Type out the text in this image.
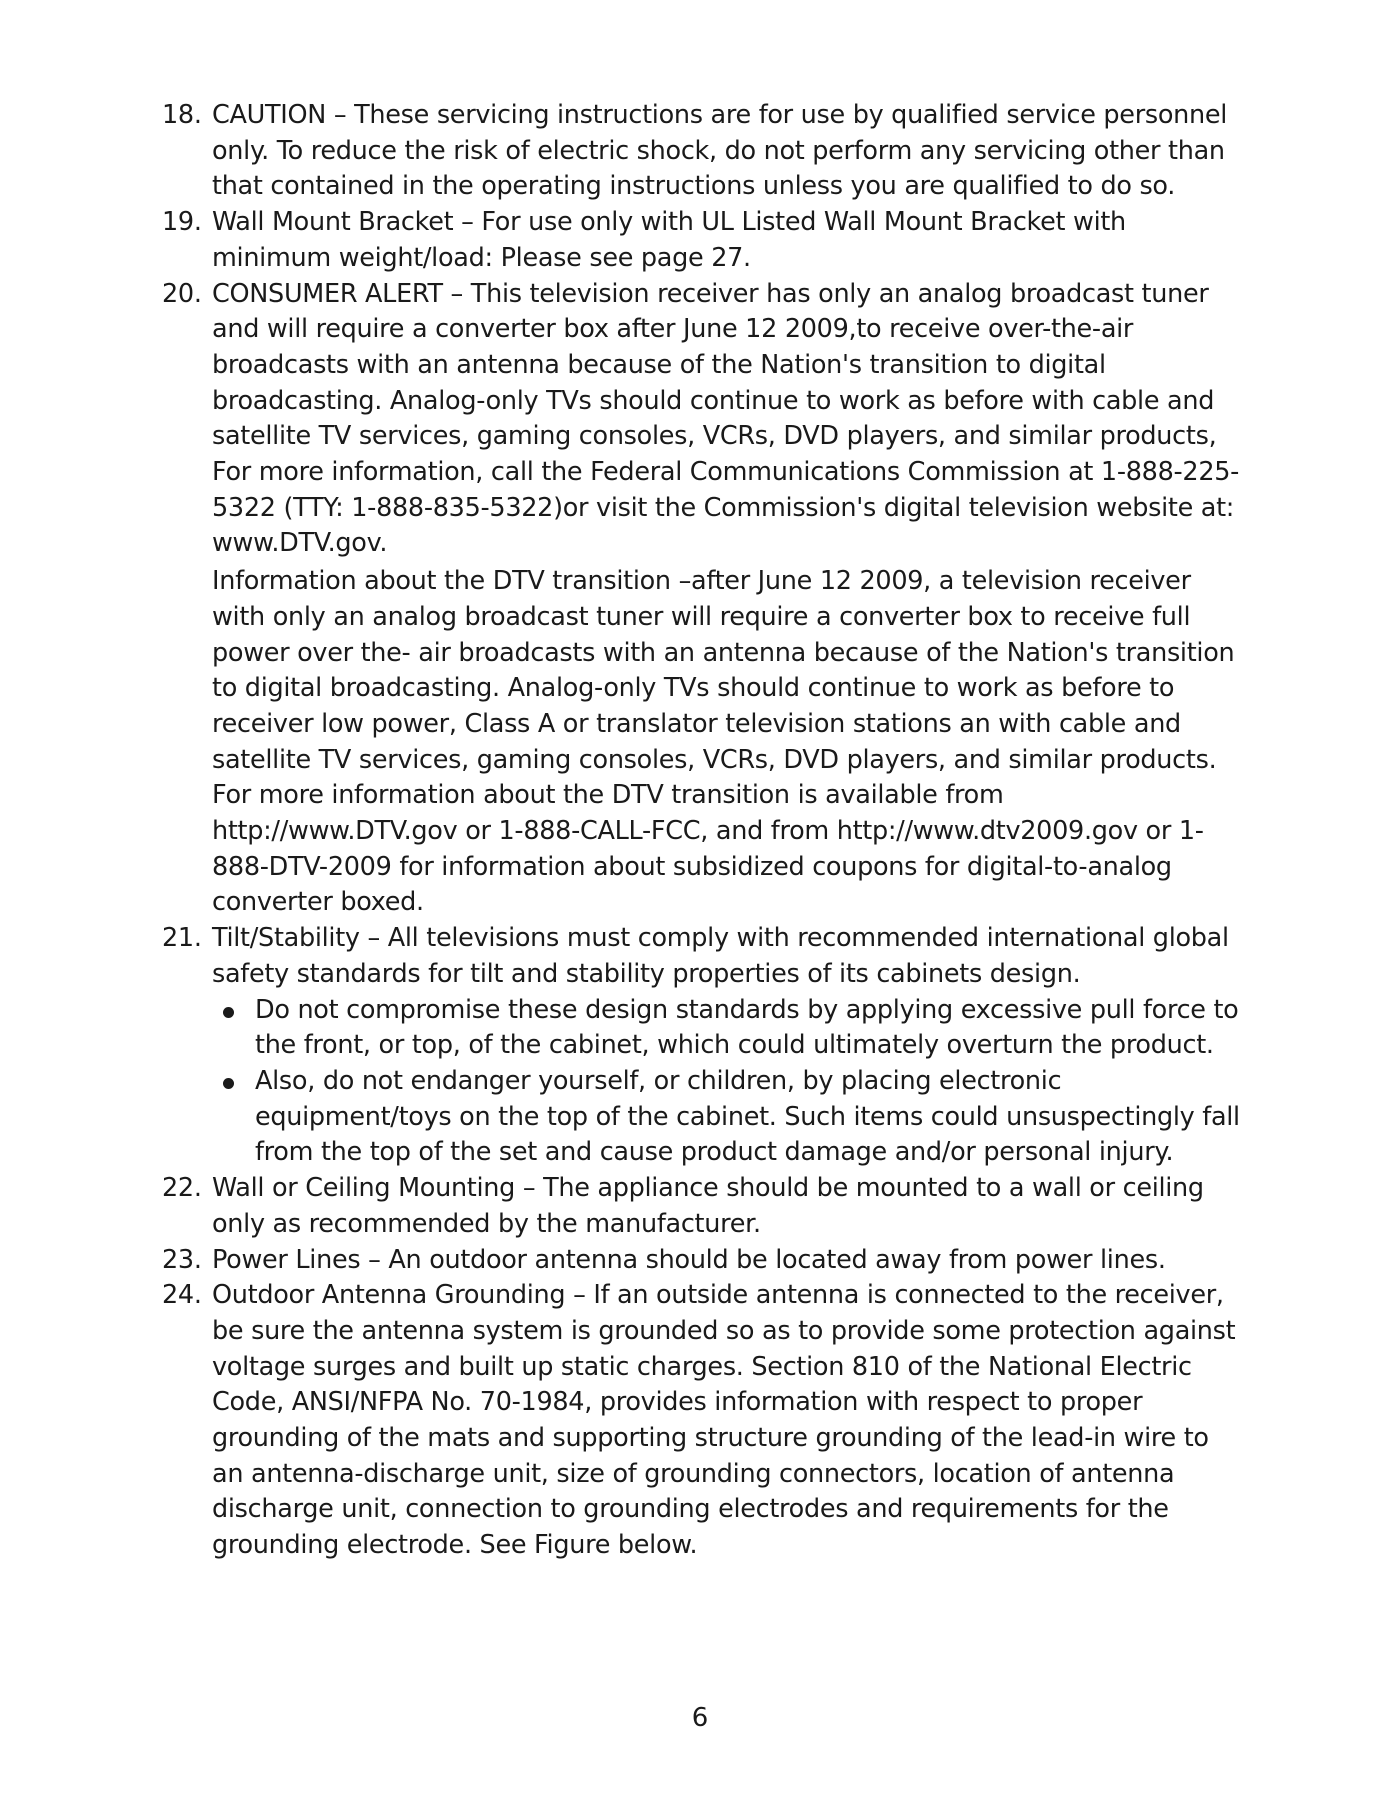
18. CAUTION – These servicing instructions are for use by qualified service personnel only. To reduce the risk of electric shock, do not perform any servicing other than that contained in the operating instructions unless you are qualified to do so.
19. Wall Mount Bracket – For use only with UL Listed Wall Mount Bracket with minimum weight/load: Please see page 27.
20. CONSUMER ALERT – This television receiver has only an analog broadcast tuner and will require a converter box after June 12 2009,to receive over-the-air broadcasts with an antenna because of the Nation's transition to digital broadcasting. Analog-only TVs should continue to work as before with cable and satellite TV services, gaming consoles, VCRs, DVD players, and similar products, For more information, call the Federal Communications Commission at 1-888-225-5322 (TTY: 1-888-835-5322)or visit the Commission's digital television website at: www.DTV.gov.
Information about the DTV transition –after June 12 2009, a television receiver with only an analog broadcast tuner will require a converter box to receive full power over the- air broadcasts with an antenna because of the Nation's transition to digital broadcasting. Analog-only TVs should continue to work as before to receiver low power, Class A or translator television stations an with cable and satellite TV services, gaming consoles, VCRs, DVD players, and similar products. For more information about the DTV transition is available from http://www.DTV.gov or 1-888-CALL-FCC, and from http://www.dtv2009.gov or 1-888-DTV-2009 for information about subsidized coupons for digital-to-analog converter boxed.
21. Tilt/Stability – All televisions must comply with recommended international global safety standards for tilt and stability properties of its cabinets design.
Do not compromise these design standards by applying excessive pull force to the front, or top, of the cabinet, which could ultimately overturn the product.
Also, do not endanger yourself, or children, by placing electronic equipment/toys on the top of the cabinet. Such items could unsuspectingly fall from the top of the set and cause product damage and/or personal injury.
22. Wall or Ceiling Mounting – The appliance should be mounted to a wall or ceiling only as recommended by the manufacturer.
23. Power Lines – An outdoor antenna should be located away from power lines.
24. Outdoor Antenna Grounding – If an outside antenna is connected to the receiver, be sure the antenna system is grounded so as to provide some protection against voltage surges and built up static charges. Section 810 of the National Electric Code, ANSI/NFPA No. 70-1984, provides information with respect to proper grounding of the mats and supporting structure grounding of the lead-in wire to an antenna-discharge unit, size of grounding connectors, location of antenna discharge unit, connection to grounding electrodes and requirements for the grounding electrode. See Figure below.
6
